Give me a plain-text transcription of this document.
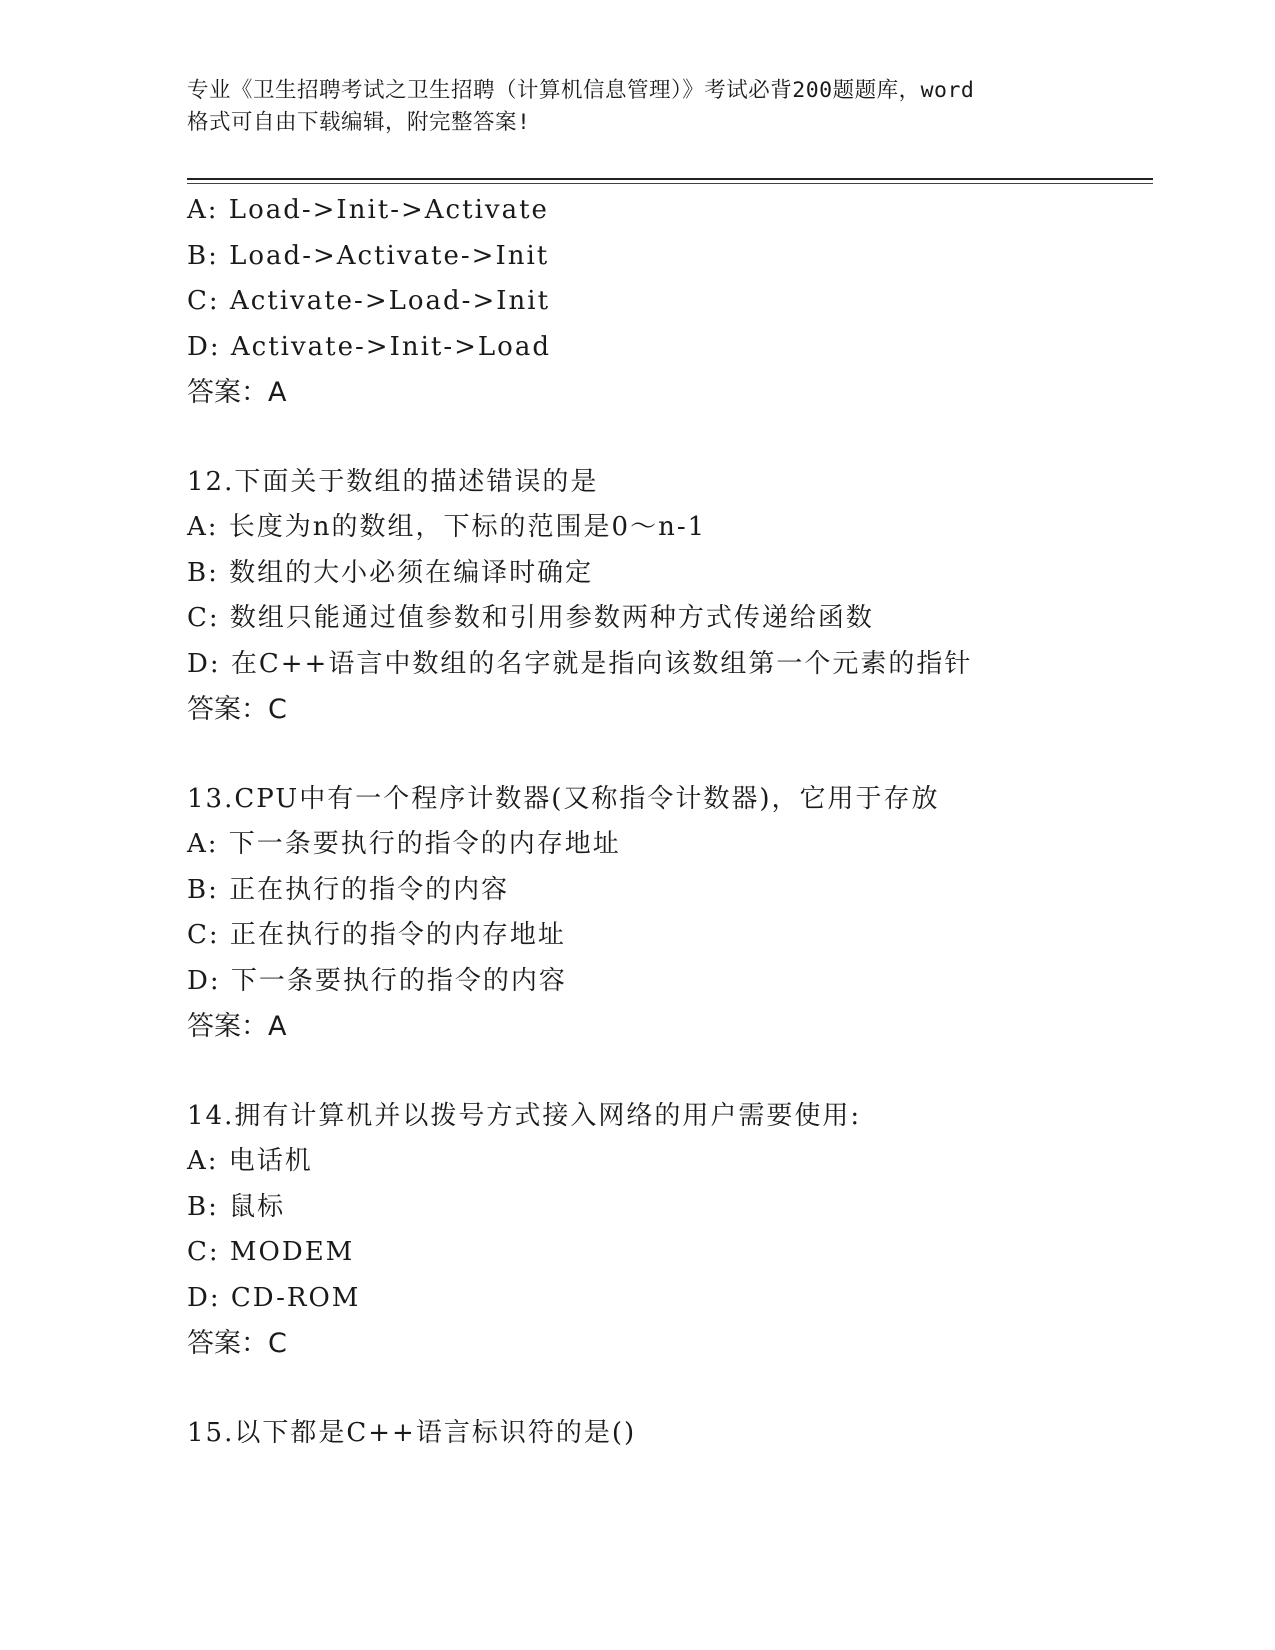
专业《卫生招聘考试之卫生招聘（计算机信息管理）》考试必背200题题库，word

格式可自由下载编辑，附完整答案!

A: Load->Init->Activate
B: Load->Activate->Init
C: Activate->Load->Init
D: Activate->Init->Load
答案：A
12.下面关于数组的描述错误的是
A: 长度为n的数组，下标的范围是0～n-1
B: 数组的大小必须在编译时确定
C: 数组只能通过值参数和引用参数两种方式传递给函数
D: 在C++语言中数组的名字就是指向该数组第一个元素的指针
答案：C
13.CPU中有一个程序计数器(又称指令计数器)，它用于存放
A: 下一条要执行的指令的内存地址
B: 正在执行的指令的内容
C: 正在执行的指令的内存地址
D: 下一条要执行的指令的内容
答案：A
14.拥有计算机并以拨号方式接入网络的用户需要使用:
A: 电话机
B: 鼠标
C: MODEM
D: CD-ROM
答案：C
15.以下都是C++语言标识符的是()
